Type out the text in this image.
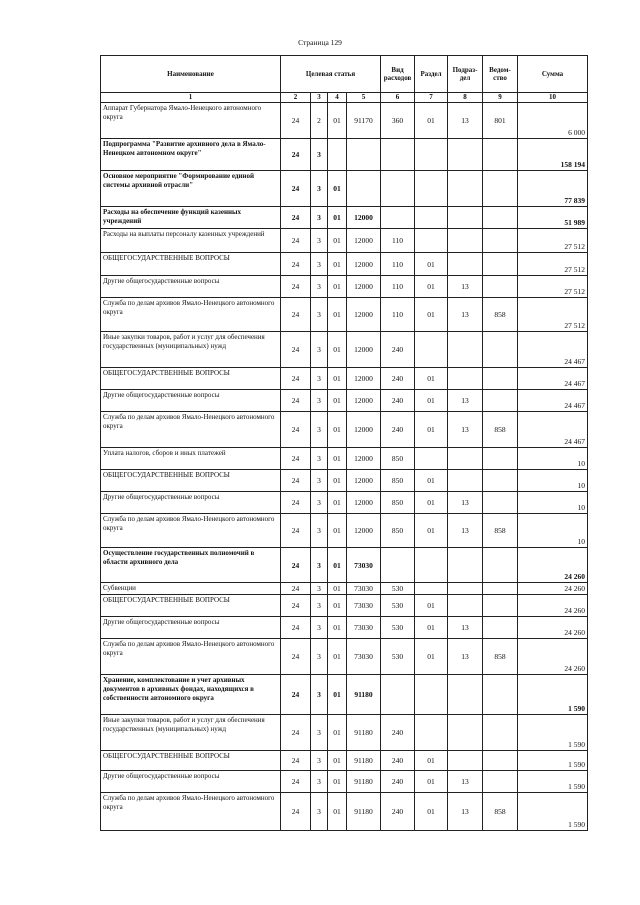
Страница 129
Наименование	Целевая статья				Вид расходов	Раздел	Подраз-дел	Ведом-ство	Сумма
1	2	3	4	5	6	7	8	9	10
Аппарат Губернатора Ямало-Ненецкого автономного округа	24	2	01	91170	360	01	13	801	6 000
Подпрограмма "Развитие архивного дела в Ямало-Ненецком автономном округе"	24	3							158 194
Основное мероприятие "Формирование единой системы архивной отрасли"	24	3	01						77 839
Расходы на обеспечение функций казенных учреждений	24	3	01	12000					51 989
Расходы на выплаты персоналу казенных учреждений	24	3	01	12000	110				27 512
ОБЩЕГОСУДАРСТВЕННЫЕ ВОПРОСЫ	24	3	01	12000	110	01			27 512
Другие общегосударственные вопросы	24	3	01	12000	110	01	13		27 512
Служба по делам архивов Ямало-Ненецкого автономного округа	24	3	01	12000	110	01	13	858	27 512
Иные закупки товаров, работ и услуг для обеспечения государственных (муниципальных) нужд	24	3	01	12000	240				24 467
ОБЩЕГОСУДАРСТВЕННЫЕ ВОПРОСЫ	24	3	01	12000	240	01			24 467
Другие общегосударственные вопросы	24	3	01	12000	240	01	13		24 467
Служба по делам архивов Ямало-Ненецкого автономного округа	24	3	01	12000	240	01	13	858	24 467
Уплата налогов, сборов и иных платежей	24	3	01	12000	850				10
ОБЩЕГОСУДАРСТВЕННЫЕ ВОПРОСЫ	24	3	01	12000	850	01			10
Другие общегосударственные вопросы	24	3	01	12000	850	01	13		10
Служба по делам архивов Ямало-Ненецкого автономного округа	24	3	01	12000	850	01	13	858	10
Осуществление государственных полномочий в области архивного дела	24	3	01	73030					24 260
Субвенции	24	3	01	73030	530				24 260
ОБЩЕГОСУДАРСТВЕННЫЕ ВОПРОСЫ	24	3	01	73030	530	01			24 260
Другие общегосударственные вопросы	24	3	01	73030	530	01	13		24 260
Служба по делам архивов Ямало-Ненецкого автономного округа	24	3	01	73030	530	01	13	858	24 260
Хранение, комплектование и учет архивных документов в архивных фондах, находящихся в собственности автономного округа	24	3	01	91180					1 590
Иные закупки товаров, работ и услуг для обеспечения государственных (муниципальных) нужд	24	3	01	91180	240				1 590
ОБЩЕГОСУДАРСТВЕННЫЕ ВОПРОСЫ	24	3	01	91180	240	01			1 590
Другие общегосударственные вопросы	24	3	01	91180	240	01	13		1 590
Служба по делам архивов Ямало-Ненецкого автономного округа	24	3	01	91180	240	01	13	858	1 590
